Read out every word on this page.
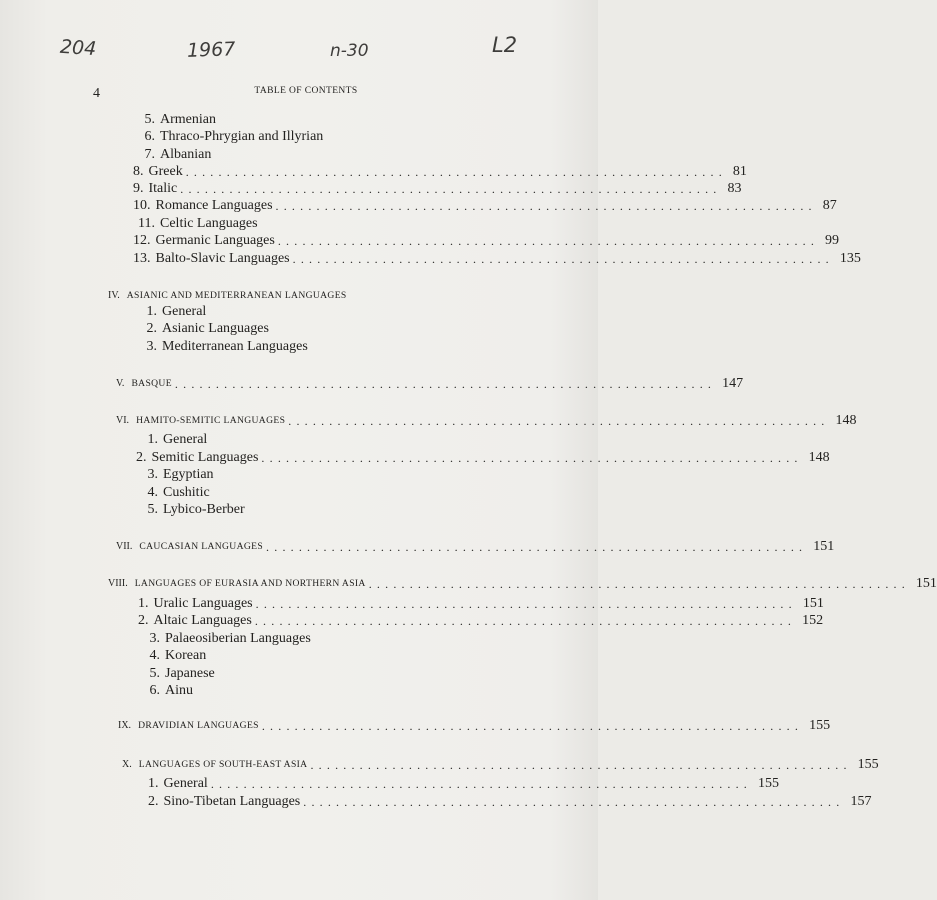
204	1967	n-30	L2
4	TABLE OF CONTENTS
5. Armenian
6. Thraco-Phrygian and Illyrian
7. Albanian
8. Greek .................................................................. 81
9. Italic .................................................................. 83
10. Romance Languages .................................................................. 87
11. Celtic Languages
12. Germanic Languages .................................................................. 99
13. Balto-Slavic Languages .................................................................. 135
IV. ASIANIC AND MEDITERRANEAN LANGUAGES
1. General
2. Asianic Languages
3. Mediterranean Languages
V. BASQUE .................................................................. 147
VI. HAMITO-SEMITIC LANGUAGES .................................................................. 148
1. General
2. Semitic Languages .................................................................. 148
3. Egyptian
4. Cushitic
5. Lybico-Berber
VII. CAUCASIAN LANGUAGES .................................................................. 151
VIII. LANGUAGES OF EURASIA AND NORTHERN ASIA .................................................................. 151
1. Uralic Languages .................................................................. 151
2. Altaic Languages .................................................................. 152
3. Palaeosiberian Languages
4. Korean
5. Japanese
6. Ainu
IX. DRAVIDIAN LANGUAGES .................................................................. 155
X. LANGUAGES OF SOUTH-EAST ASIA .................................................................. 155
1. General .................................................................. 155
2. Sino-Tibetan Languages .................................................................. 157
